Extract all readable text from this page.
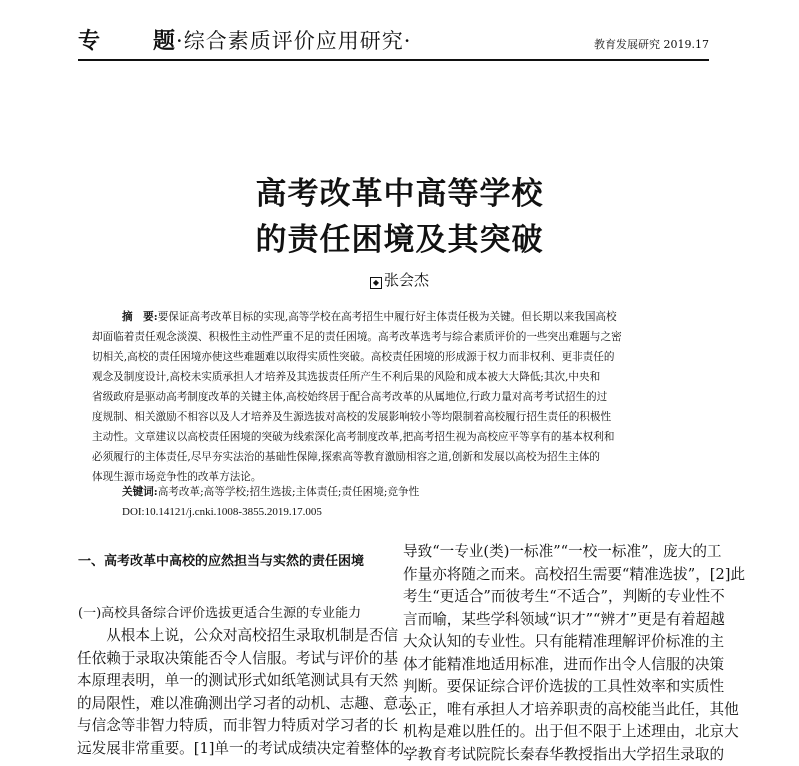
专 题·综合素质评价应用研究·	教育发展研究 2019.17
高考改革中高等学校
的责任困境及其突破
◆ 张会杰
摘　要:要保证高考改革目标的实现,高等学校在高考招生中履行好主体责任极为关键。但长期以来我国高校
却面临着责任观念淡漠、积极性主动性严重不足的责任困境。高考改革选考与综合素质评价的一些突出难题与之密
切相关,高校的责任困境亦使这些难题难以取得实质性突破。高校责任困境的形成源于权力而非权利、更非责任的
观念及制度设计,高校未实质承担人才培养及其选拔责任所产生不利后果的风险和成本被大大降低;其次,中央和
省级政府是驱动高考制度改革的关键主体,高校始终居于配合高考改革的从属地位,行政力量对高考考试招生的过
度规制、相关激励不相容以及人才培养及生源选拔对高校的发展影响较小等均限制着高校履行招生责任的积极性
主动性。文章建议以高校责任困境的突破为线索深化高考制度改革,把高考招生视为高校应平等享有的基本权利和
必须履行的主体责任,尽早夯实法治的基础性保障,探索高等教育激励相容之道,创新和发展以高校为招生主体的
体现生源市场竞争性的改革方法论。
关键词:高考改革;高等学校;招生选拔;主体责任;责任困境;竞争性
DOI:10.14121/j.cnki.1008-3855.2019.17.005
一、高考改革中高校的应然担当与实然的责任困境
(一)高校具备综合评价选拔更适合生源的专业能力
　　从根本上说，公众对高校招生录取机制是否信
任依赖于录取决策能否令人信服。考试与评价的基
本原理表明，单一的测试形式如纸笔测试具有天然
的局限性，难以准确测出学习者的动机、志趣、意志
与信念等非智力特质，而非智力特质对学习者的长
远发展非常重要。[1]单一的考试成绩决定着整体的、
导致“一专业(类)一标准”“一校一标准”，庞大的工
作量亦将随之而来。高校招生需要“精准选拔”，[2]此
考生“更适合”而彼考生“不适合”，判断的专业性不
言而喻，某些学科领域“识才”“辨才”更是有着超越
大众认知的专业性。只有能精准理解评价标准的主
体才能精准地适用标准，进而作出令人信服的决策
判断。要保证综合评价选拔的工具性效率和实质性
公正，唯有承担人才培养职责的高校能当此任，其他
机构是难以胜任的。出于但不限于上述理由，北京大
学教育考试院院长秦春华教授指出大学招生录取的
